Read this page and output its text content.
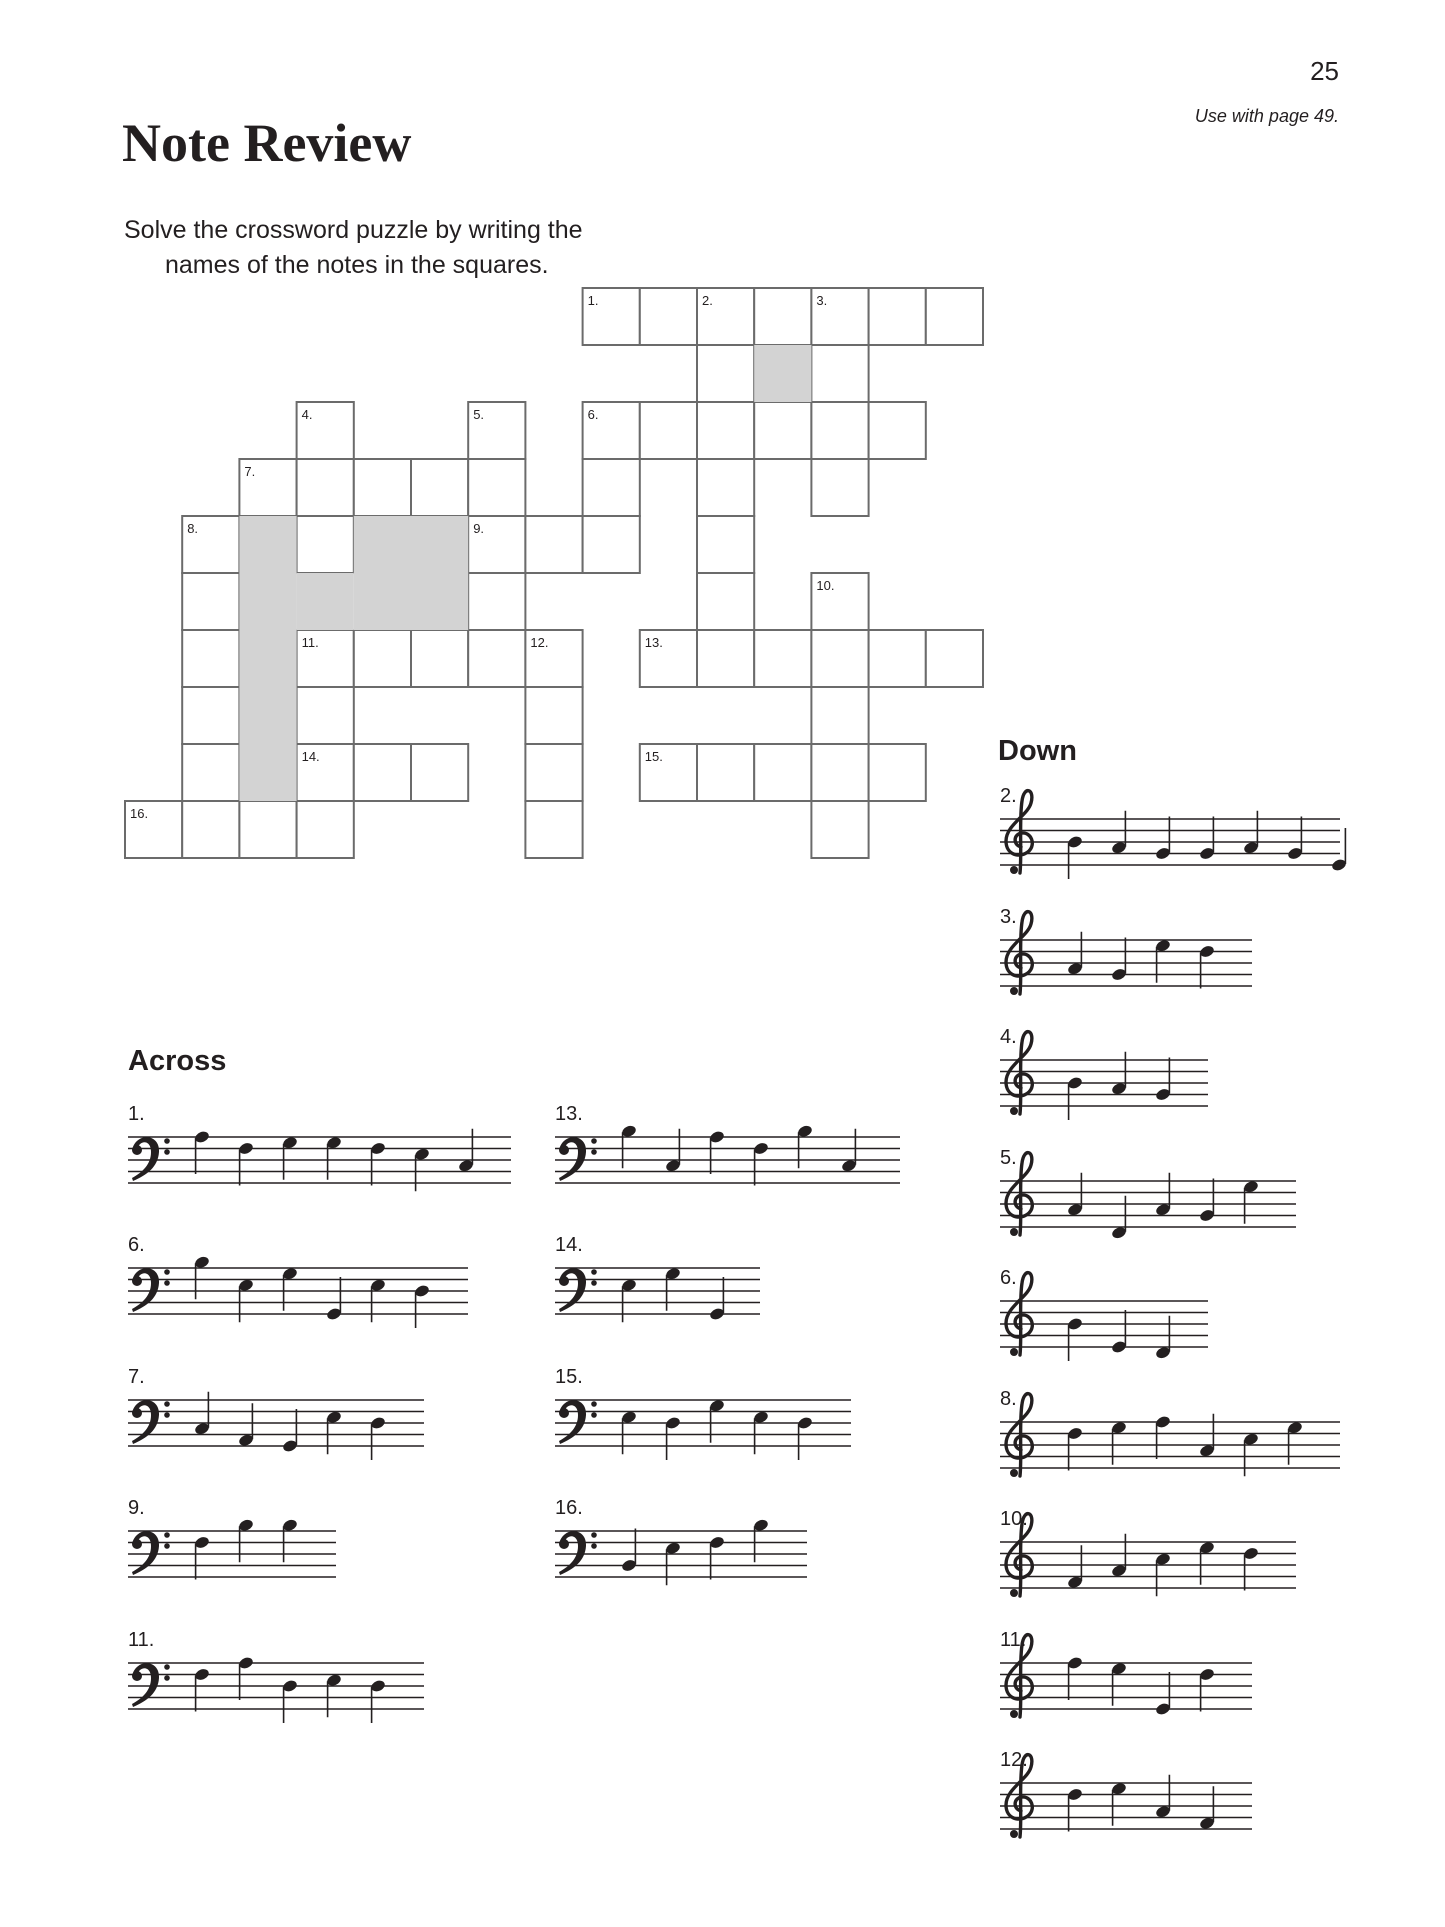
25
Use with page 49.
Note Review
Solve the crossword puzzle by writing the
names of the notes in the squares.
1.
6.
7.
9.
11.	13.
14.	15.
16.
2.	3.
4.	5.
8.
10.
12.
Across
Down
1.
6.
7.
9.
11.
13.
14.
15.
16.
2.
3.
4.
5.
6.
8.
10.
11.
12.
